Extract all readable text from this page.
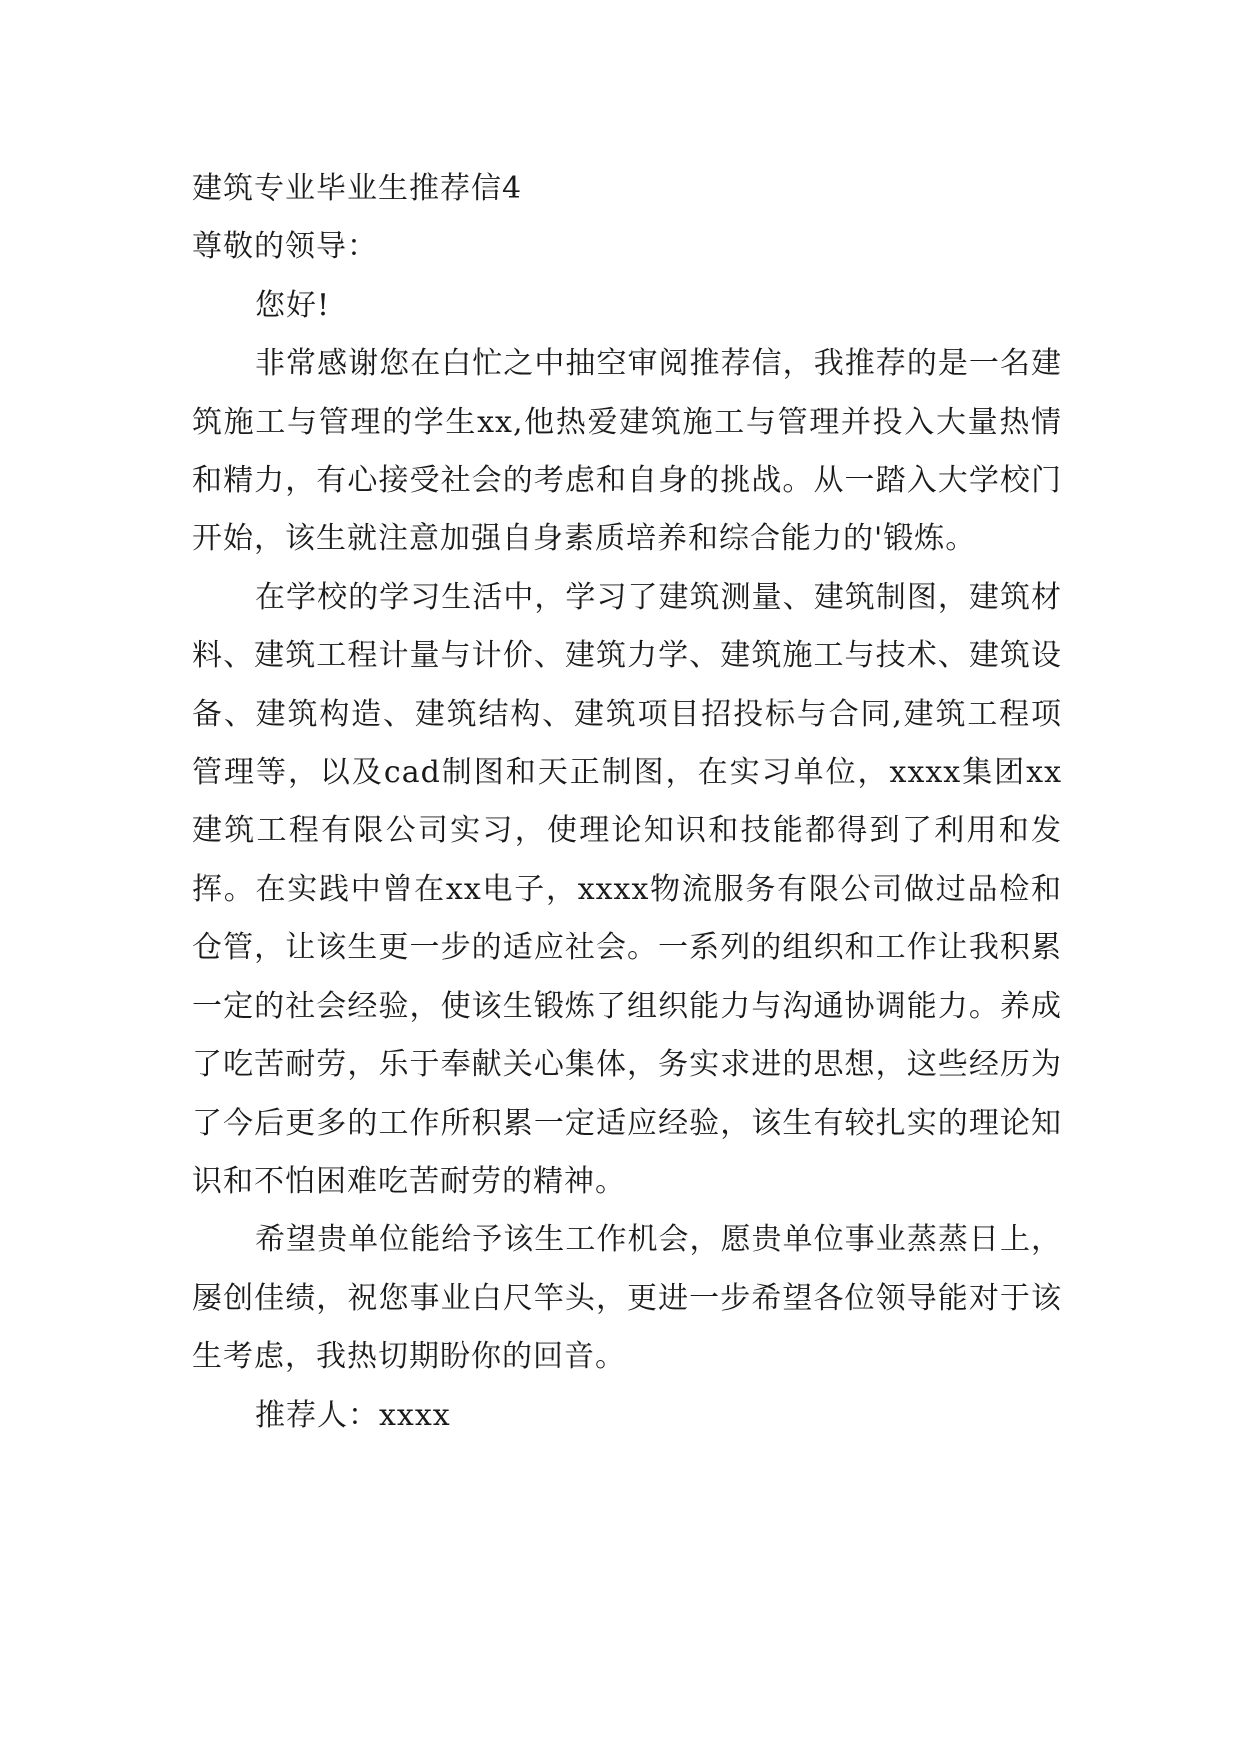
建筑专业毕业生推荐信4

尊敬的领导：

您好!

非常感谢您在白忙之中抽空审阅推荐信，我推荐的是一名建筑施工与管理的学生xx,他热爱建筑施工与管理并投入大量热情和精力，有心接受社会的考虑和自身的挑战。从一踏入大学校门开始，该生就注意加强自身素质培养和综合能力的'锻炼。

在学校的学习生活中，学习了建筑测量、建筑制图，建筑材料、建筑工程计量与计价、建筑力学、建筑施工与技术、建筑设备、建筑构造、建筑结构、建筑项目招投标与合同,建筑工程项管理等，以及cad制图和天正制图，在实习单位，xxxx集团xx建筑工程有限公司实习，使理论知识和技能都得到了利用和发挥。在实践中曾在xx电子，xxxx物流服务有限公司做过品检和仓管，让该生更一步的适应社会。一系列的组织和工作让我积累一定的社会经验，使该生锻炼了组织能力与沟通协调能力。养成了吃苦耐劳，乐于奉献关心集体，务实求进的思想，这些经历为了今后更多的工作所积累一定适应经验，该生有较扎实的理论知识和不怕困难吃苦耐劳的精神。

希望贵单位能给予该生工作机会，愿贵单位事业蒸蒸日上，屡创佳绩，祝您事业白尺竿头，更进一步希望各位领导能对于该生考虑，我热切期盼你的回音。

推荐人：xxxx
